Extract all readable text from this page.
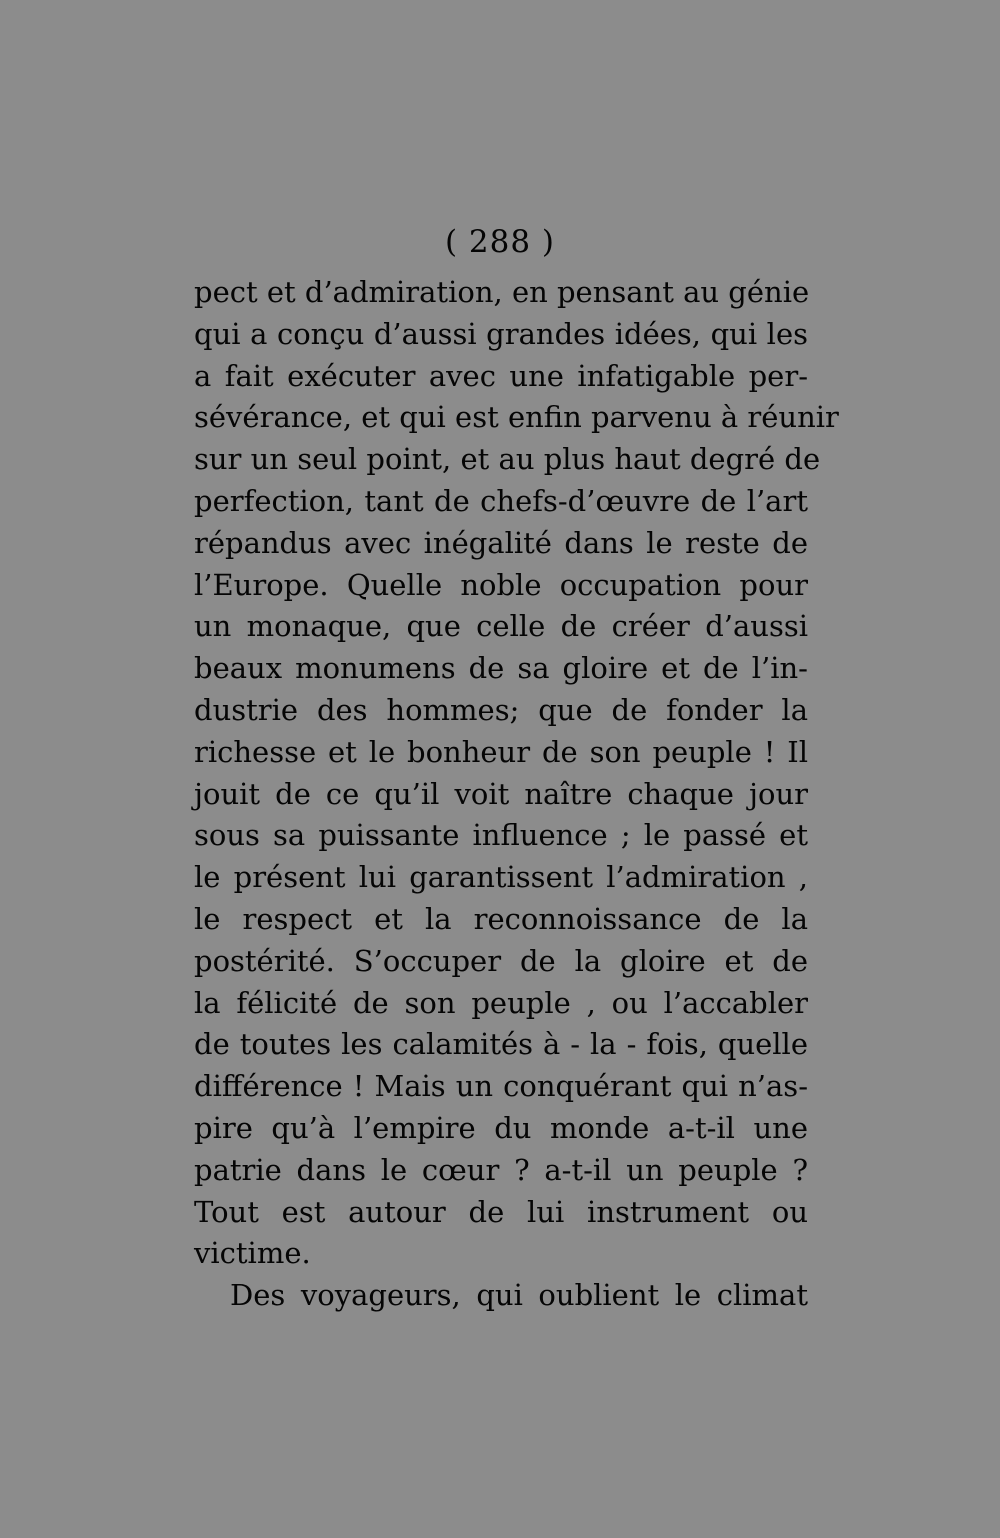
( 288 )
pect et d’admiration, en pensant au génie
qui a conçu d’aussi grandes idées, qui les
a fait exécuter avec une infatigable per-
sévérance, et qui est enfin parvenu à réunir
sur un seul point, et au plus haut degré de
perfection, tant de chefs-d’œuvre de l’art
répandus avec inégalité dans le reste de
l’Europe. Quelle noble occupation pour
un monaque, que celle de créer d’aussi
beaux monumens de sa gloire et de l’in-
dustrie des hommes; que de fonder la
richesse et le bonheur de son peuple ! Il
jouit de ce qu’il voit naître chaque jour
sous sa puissante influence ; le passé et
le présent lui garantissent l’admiration ,
le respect et la reconnoissance de la
postérité. S’occuper de la gloire et de
la félicité de son peuple , ou l’accabler
de toutes les calamités à - la - fois, quelle
différence ! Mais un conquérant qui n’as-
pire qu’à l’empire du monde a-t-il une
patrie dans le cœur ? a-t-il un peuple ?
Tout est autour de lui instrument ou
victime.
Des voyageurs, qui oublient le climat
